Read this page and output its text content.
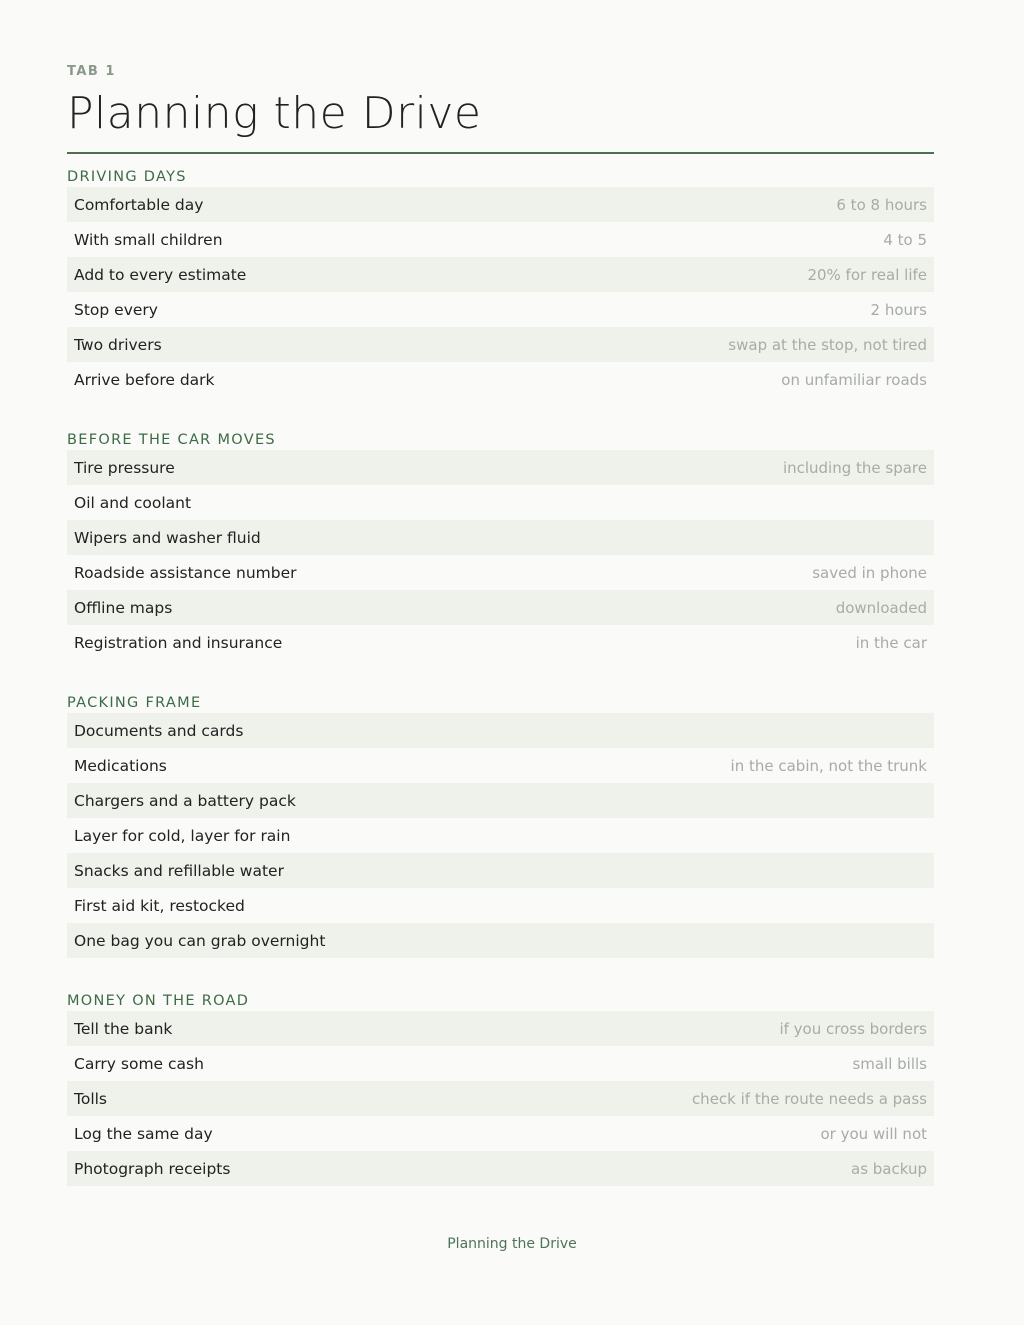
TAB 1
Planning the Drive
DRIVING DAYS
Comfortable day	6 to 8 hours
With small children	4 to 5
Add to every estimate	20% for real life
Stop every	2 hours
Two drivers	swap at the stop, not tired
Arrive before dark	on unfamiliar roads
BEFORE THE CAR MOVES
Tire pressure	including the spare
Oil and coolant
Wipers and washer fluid
Roadside assistance number	saved in phone
Offline maps	downloaded
Registration and insurance	in the car
PACKING FRAME
Documents and cards
Medications	in the cabin, not the trunk
Chargers and a battery pack
Layer for cold, layer for rain
Snacks and refillable water
First aid kit, restocked
One bag you can grab overnight
MONEY ON THE ROAD
Tell the bank	if you cross borders
Carry some cash	small bills
Tolls	check if the route needs a pass
Log the same day	or you will not
Photograph receipts	as backup
Planning the Drive
